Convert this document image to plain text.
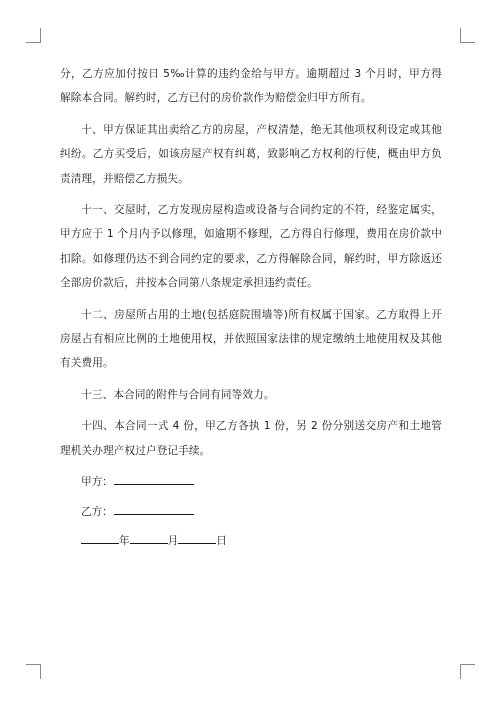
分，乙方应加付按日 5‰计算的违约金给与甲方。逾期超过 3 个月时，甲方得解除本合同。解约时，乙方已付的房价款作为赔偿金归甲方所有。

十、甲方保证其出卖给乙方的房屋，产权清楚，绝无其他项权利设定或其他纠纷。乙方买受后，如该房屋产权有纠葛，致影响乙方权利的行使，概由甲方负责清理，并赔偿乙方损失。

十一、交屋时，乙方发现房屋构造或设备与合同约定的不符，经鉴定属实，甲方应于 1 个月内予以修理，如逾期不修理，乙方得自行修理，费用在房价款中扣除。如修理仍达不到合同约定的要求，乙方得解除合同，解约时，甲方除返还全部房价款后，并按本合同第八条规定承担违约责任。

十二、房屋所占用的土地(包括庭院围墙等)所有权属于国家。乙方取得上开房屋占有相应比例的土地使用权，并依照国家法律的规定缴纳土地使用权及其他有关费用。

十三、本合同的附件与合同有同等效力。

十四、本合同一式 4 份，甲乙方各执 1 份，另 2 份分别送交房产和土地管理机关办理产权过户登记手续。

甲方：

乙方：

年	月	日
